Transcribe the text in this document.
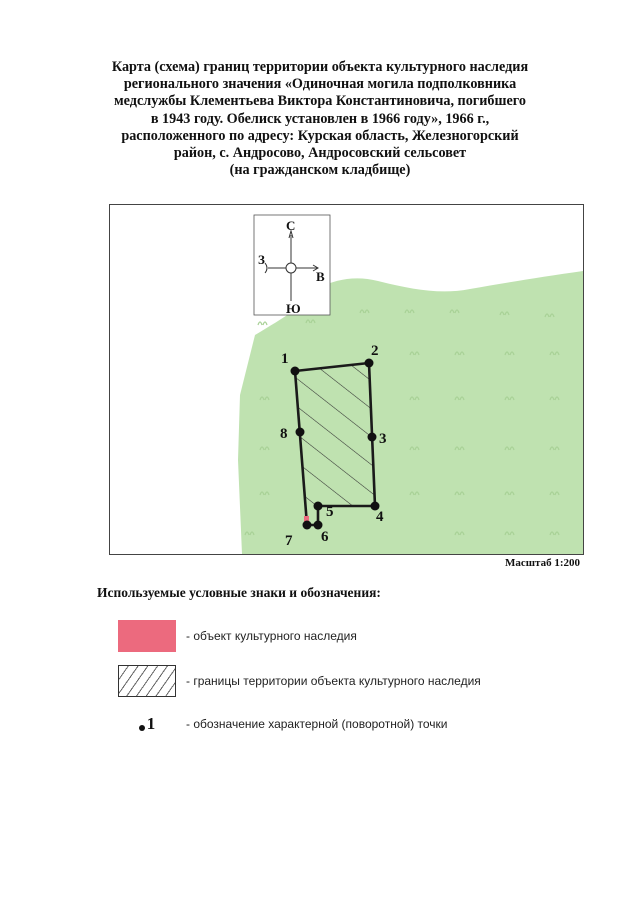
Карта (схема) границ территории объекта культурного наследия
регионального значения «Одиночная могила подполковника
медслужбы Клементьева Виктора Константиновича, погибшего
в 1943 году. Обелиск установлен в 1966 году», 1966 г.,
расположенного по адресу: Курская область, Железногорский
район, с. Андросово, Андросовский сельсовет
(на гражданском кладбище)
С
Ю
В
З
1	2
3
4
5
6
7
8
Масштаб 1:200
Используемые условные знаки и обозначения:
- объект культурного наследия
- границы территории объекта культурного наследия
1	- обозначение характерной (поворотной) точки
